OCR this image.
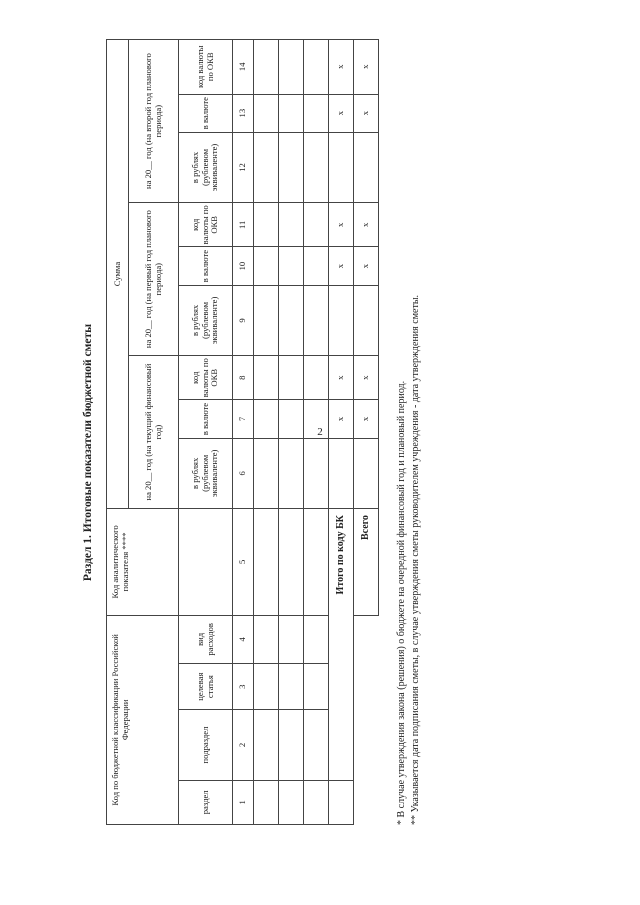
2
Раздел 1. Итоговые показатели бюджетной сметы
Код по бюджетной классификации Российской Федерации				Код аналитического показателя ****	Сумма								
					на 20__ год (на текущий финансовый год)			на 20__ год (на первый год планового периода)			на 20__ год (на второй год планового периода)		
раздел	подраздел	целевая статья	вид расходов		в рублях (рублевом эквиваленте)	в валюте	код валюты по ОКВ	в рублях (рублевом эквиваленте)	в валюте	код валюты по ОКВ	в рублях (рублевом эквиваленте)	в валюте	код валюты по ОКВ
1	2	3	4	5	6	7	8	9	10	11	12	13	14

	Итого по коду БК					x	x		x	x		x	x
				Всего		x	x		x	x		x	x
* В случае утверждения закона (решения) о бюджете на очередной финансовый год и плановый период. ** Указывается дата подписания сметы, в случае утверждения сметы руководителем учреждения - дата утверждения сметы.
